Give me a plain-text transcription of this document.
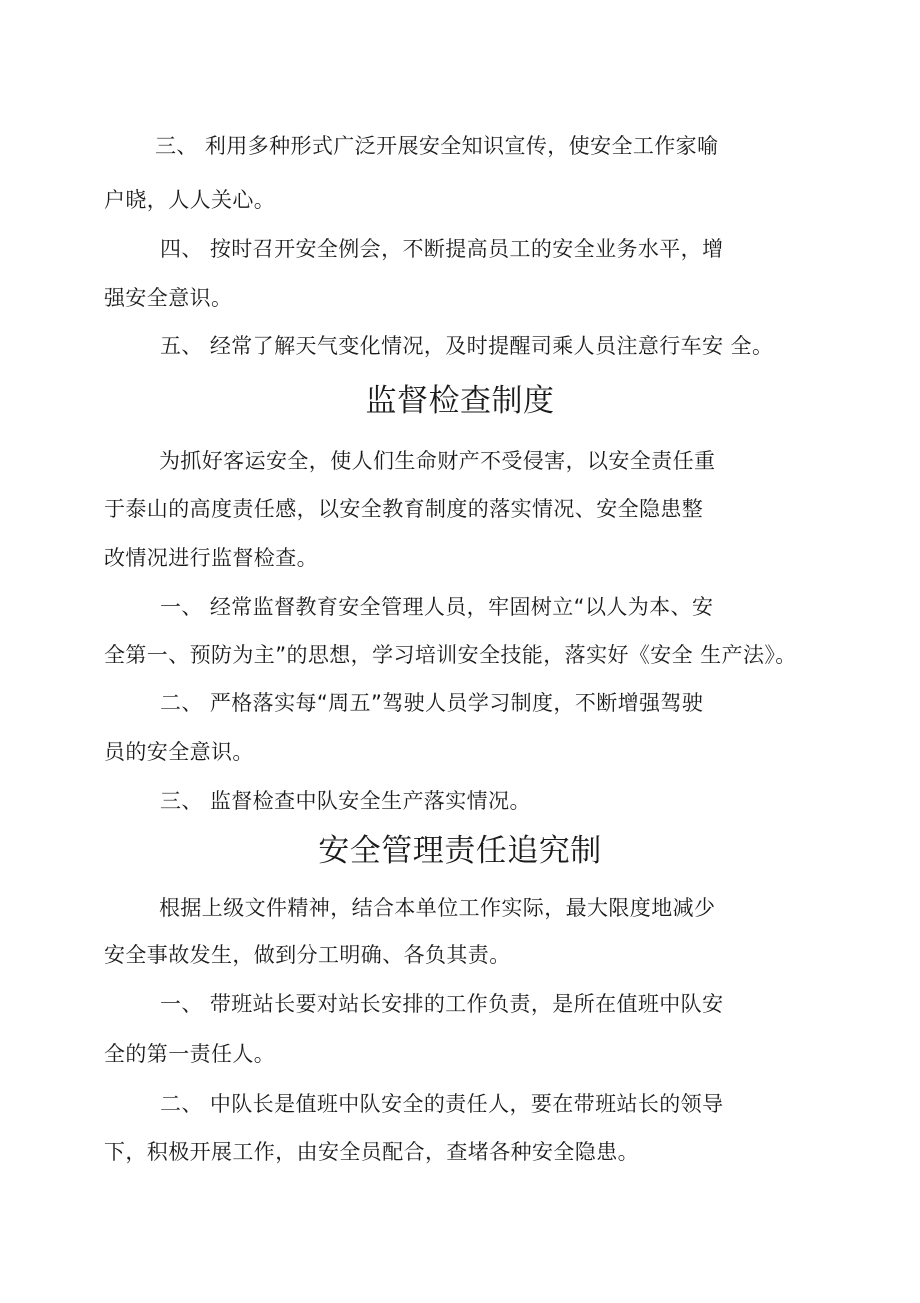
三、 利用多种形式广泛开展安全知识宣传，使安全工作家喻
户晓，人人关心。
四、 按时召开安全例会，不断提高员工的安全业务水平，增
强安全意识。
五、 经常了解天气变化情况，及时提醒司乘人员注意行车安 全。
监督检查制度
为抓好客运安全，使人们生命财产不受侵害，以安全责任重
于泰山的高度责任感，以安全教育制度的落实情况、安全隐患整
改情况进行监督检查。
一、 经常监督教育安全管理人员，牢固树立“以人为本、安
全第一、预防为主”的思想，学习培训安全技能，落实好《安全 生产法》。
二、 严格落实每“周五”驾驶人员学习制度，不断增强驾驶
员的安全意识。
三、 监督检查中队安全生产落实情况。
安全管理责任追究制
根据上级文件精神，结合本单位工作实际，最大限度地减少
安全事故发生，做到分工明确、各负其责。
一、 带班站长要对站长安排的工作负责，是所在值班中队安
全的第一责任人。
二、 中队长是值班中队安全的责任人，要在带班站长的领导
下，积极开展工作，由安全员配合，查堵各种安全隐患。
